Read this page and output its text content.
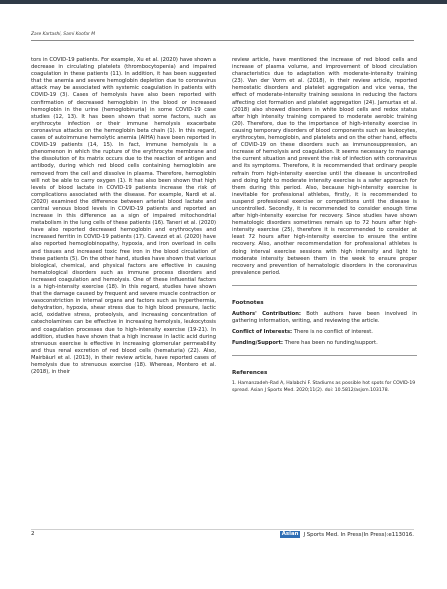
Zare Kartashi, Sami Koofar M

tors in COVID-19 patients. For example, Xu et al. (2020) have shown a decrease in circulating platelets (thrombocytopenia) and impaired coagulation in these patients (11). In addition, it has been suggested that the anemia and severe hemoglobin depletion due to coronavirus attack may be associated with systemic coagulation in patients with COVID-19 (3). Cases of hemolysis have also been reported with confirmation of decreased hemoglobin in the blood or increased hemoglobin in the urine (hemoglobinuria) in some COVID-19 case studies (12, 13). It has been shown that some factors, such as erythrocyte infection or their immune hemolysis exacerbate coronavirus attacks on the hemoglobin beta chain (1). In this regard, cases of autoimmune hemolytic anemia (AIHA) have been reported in COVID-19 patients (14, 15). In fact, immune hemolysis is a phenomenon in which the rupture of the erythrocyte membrane and the dissolution of its matrix occurs due to the reaction of antigen and antibody, during which red blood cells containing hemoglobin are removed from the cell and dissolve in plasma. Therefore, hemoglobin will not be able to carry oxygen (1). It has also been shown that high levels of blood lactate in COVID-19 patients increase the risk of complications associated with the disease. For example, Nardi et al. (2020) examined the difference between arterial blood lactate and central venous blood levels in COVID-19 patients and reported an increase in this difference as a sign of impaired mitochondrial metabolism in the lung cells of these patients (16). Taneri et al. (2020) have also reported decreased hemoglobin and erythrocytes and increased ferritin in COVID-19 patients (17). Cavezzi et al. (2020) have also reported hemoglobinopathy, hypoxia, and iron overload in cells and tissues and increased toxic free iron in the blood circulation of these patients (5). On the other hand, studies have shown that various biological, chemical, and physical factors are effective in causing hematological disorders such as immune process disorders and increased coagulation and hemolysis. One of these influential factors is a high-intensity exercise (18). In this regard, studies have shown that the damage caused by frequent and severe muscle contraction or vasoconstriction in internal organs and factors such as hyperthermia, dehydration, hypoxia, shear stress due to high blood pressure, lactic acid, oxidative stress, proteolysis, and increasing concentration of catecholamines can be effective in increasing hemolysis, leukocytosis and coagulation processes due to high-intensity exercise (19-21). In addition, studies have shown that a high increase in lactic acid during strenuous exercise is effective in increasing glomerular permeability and thus renal excretion of red blood cells (hematuria) (22). Also, Mairbäurl et al. (2013), in their review article, have reported cases of hemolysis due to strenuous exercise (18). Whereas, Montero et al. (2018), in their

review article, have mentioned the increase of red blood cells and increase of plasma volume, and improvement of blood circulation characteristics due to adaptation with moderate-intensity training (23). Van der Vorm et al. (2018), in their review article, reported hemostatic disorders and platelet aggregation and vice versa, the effect of moderate-intensity training sessions in reducing the factors affecting clot formation and platelet aggregation (24). Jamurtas et al. (2018) also showed disorders in white blood cells and redox status after high intensity training compared to moderate aerobic training (20). Therefore, due to the importance of high-intensity exercise in causing temporary disorders of blood components such as leukocytes, erythrocytes, hemoglobin, and platelets and on the other hand, effects of COVID-19 on these disorders such as immunosuppression, an increase of hemolysis and coagulation. It seems necessary to manage the current situation and prevent the risk of infection with coronavirus and its symptoms. Therefore, it is recommended that ordinary people refrain from high-intensity exercise until the disease is uncontrolled and doing light to moderate intensity exercise is a safer approach for them during this period. Also, because high-intensity exercise is inevitable for professional athletes, firstly, it is recommended to suspend professional exercise or competitions until the disease is uncontrolled. Secondly, it is recommended to consider enough time after high-intensity exercise for recovery. Since studies have shown hematologic disorders sometimes remain up to 72 hours after high-intensity exercise (25), therefore it is recommended to consider at least 72 hours after high-intensity exercise to ensure the entire recovery. Also, another recommendation for professional athletes is doing interval exercise sessions with high intensity and light to moderate intensity between them in the week to ensure proper recovery and prevention of hematologic disorders in the coronavirus prevalence period.

Footnotes

Authors' Contribution: Both authors have been involved in gathering information, writing, and reviewing the article.

Conflict of Interests: There is no conflict of interest.

Funding/Support: There has been no funding/support.

References

1. Hamanzadeh-Rad A, Halabchi F. Stadiums as possible hot spots for COVID-19 spread. Asian J Sports Med. 2020;11(2). doi: 10.5812/asjsm.103178.

2	Asian J Sports Med. In Press(In Press):e113016.
